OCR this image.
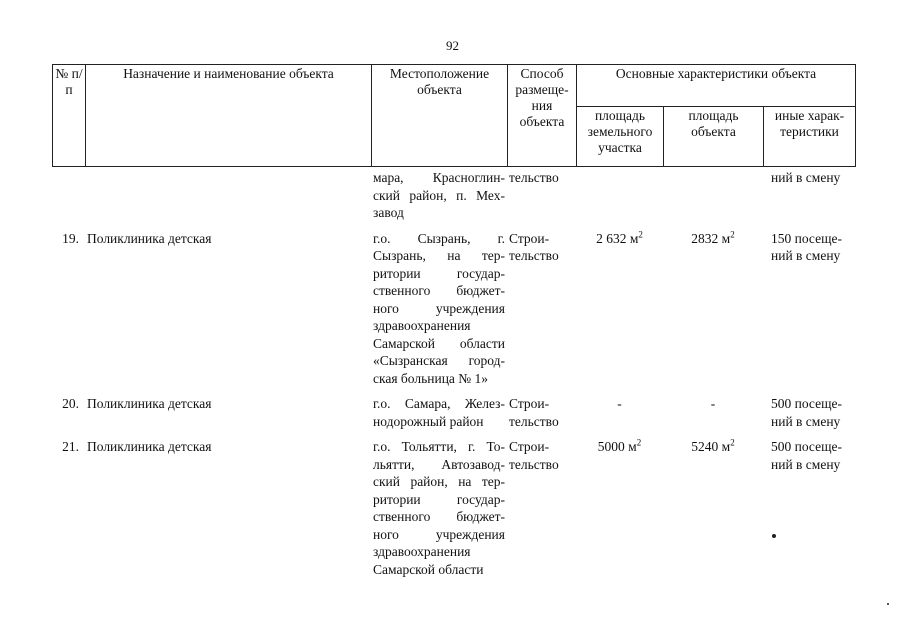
92
№ п/п	Назначение и наименование объекта	Местоположение объекта	Способ размеще-ния объекта	Основные характеристики объекта		
				площадь земельного участка	площадь объекта	иные харак-теристики
		мара, Красноглин-ский район, п. Мех-завод	тельство			ний в смену

19.	Поликлиника детская	г.о. Сызрань, г. Сызрань, на тер-ритории государ-ственного бюджет-ного учреждения здравоохранения Самарской области «Сызранская город-ская больница № 1»	Строи-тельство	2 632 $м^2$	2832 $м^2$	150 посеще-ний в смену

20.	Поликлиника детская	г.о. Самара, Желез-нодорожный район	Строи-тельство	-	-	500 посеще-ний в смену

21.	Поликлиника детская	г.о. Тольятти, г. То-льятти, Автозавод-ский район, на тер-ритории государ-ственного бюджет-ного учреждения здравоохранения Самарской области	Строи-тельство	5000 $м^2$	5240 $м^2$	500 посеще-ний в смену
